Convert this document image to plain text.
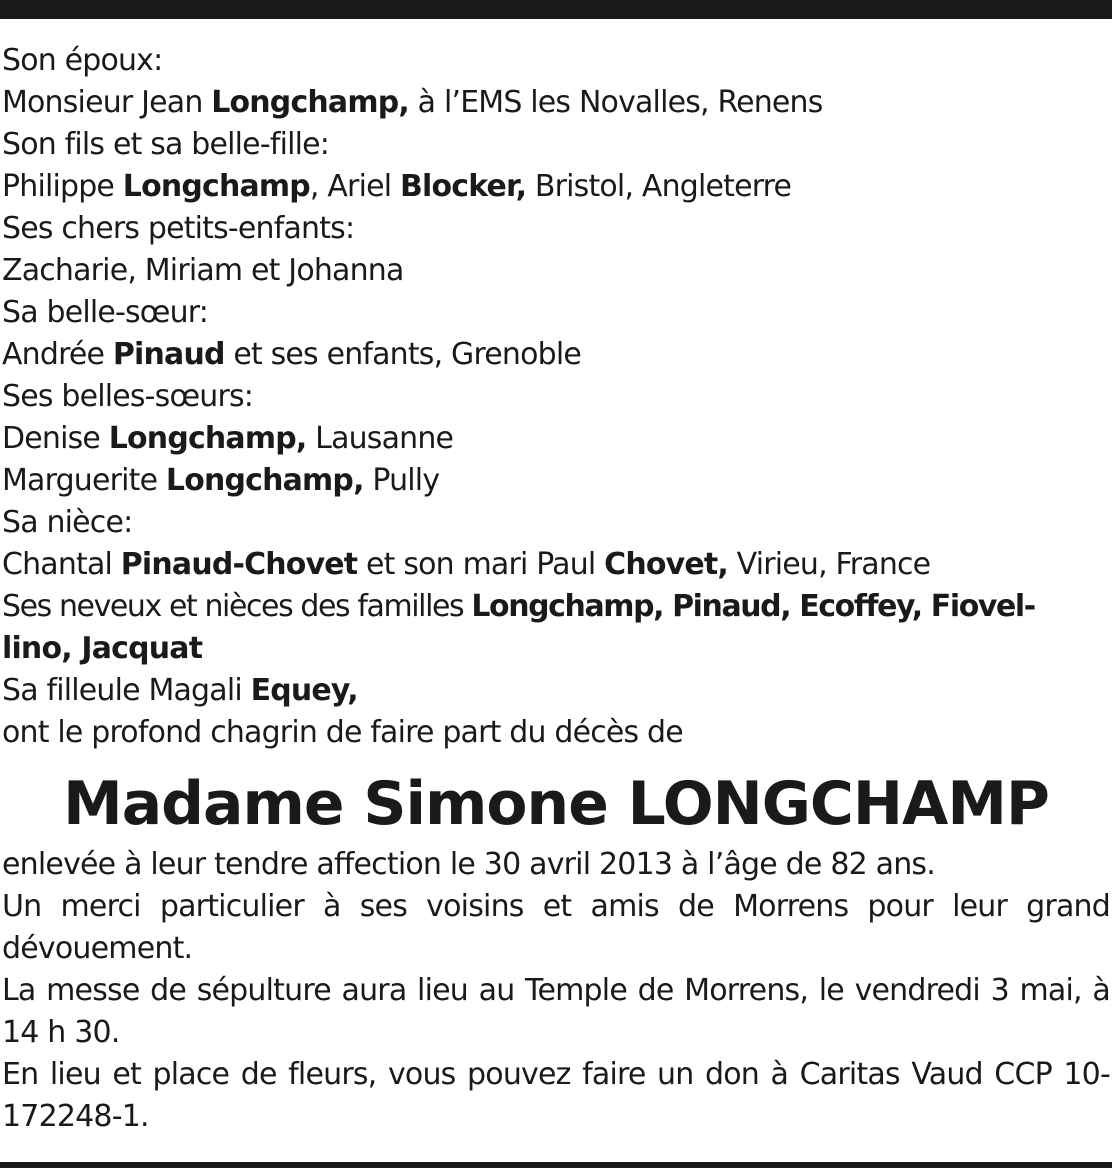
Son époux:
Monsieur Jean Longchamp, à l’EMS les Novalles, Renens
Son fils et sa belle-fille:
Philippe Longchamp, Ariel Blocker, Bristol, Angleterre
Ses chers petits-enfants:
Zacharie, Miriam et Johanna
Sa belle-sœur:
Andrée Pinaud et ses enfants, Grenoble
Ses belles-sœurs:
Denise Longchamp, Lausanne
Marguerite Longchamp, Pully
Sa nièce:
Chantal Pinaud-Chovet et son mari Paul Chovet, Virieu, France
Ses neveux et nièces des familles Longchamp, Pinaud, Ecoffey, Fiovel-
lino, Jacquat
Sa filleule Magali Equey,
ont le profond chagrin de faire part du décès de
Madame Simone LONGCHAMP
enlevée à leur tendre affection le 30 avril 2013 à l’âge de 82 ans.
Un merci particulier à ses voisins et amis de Morrens pour leur grand dévouement.
La messe de sépulture aura lieu au Temple de Morrens, le vendredi 3 mai, à 14 h 30.
En lieu et place de fleurs, vous pouvez faire un don à Caritas Vaud CCP 10-172248-1.
